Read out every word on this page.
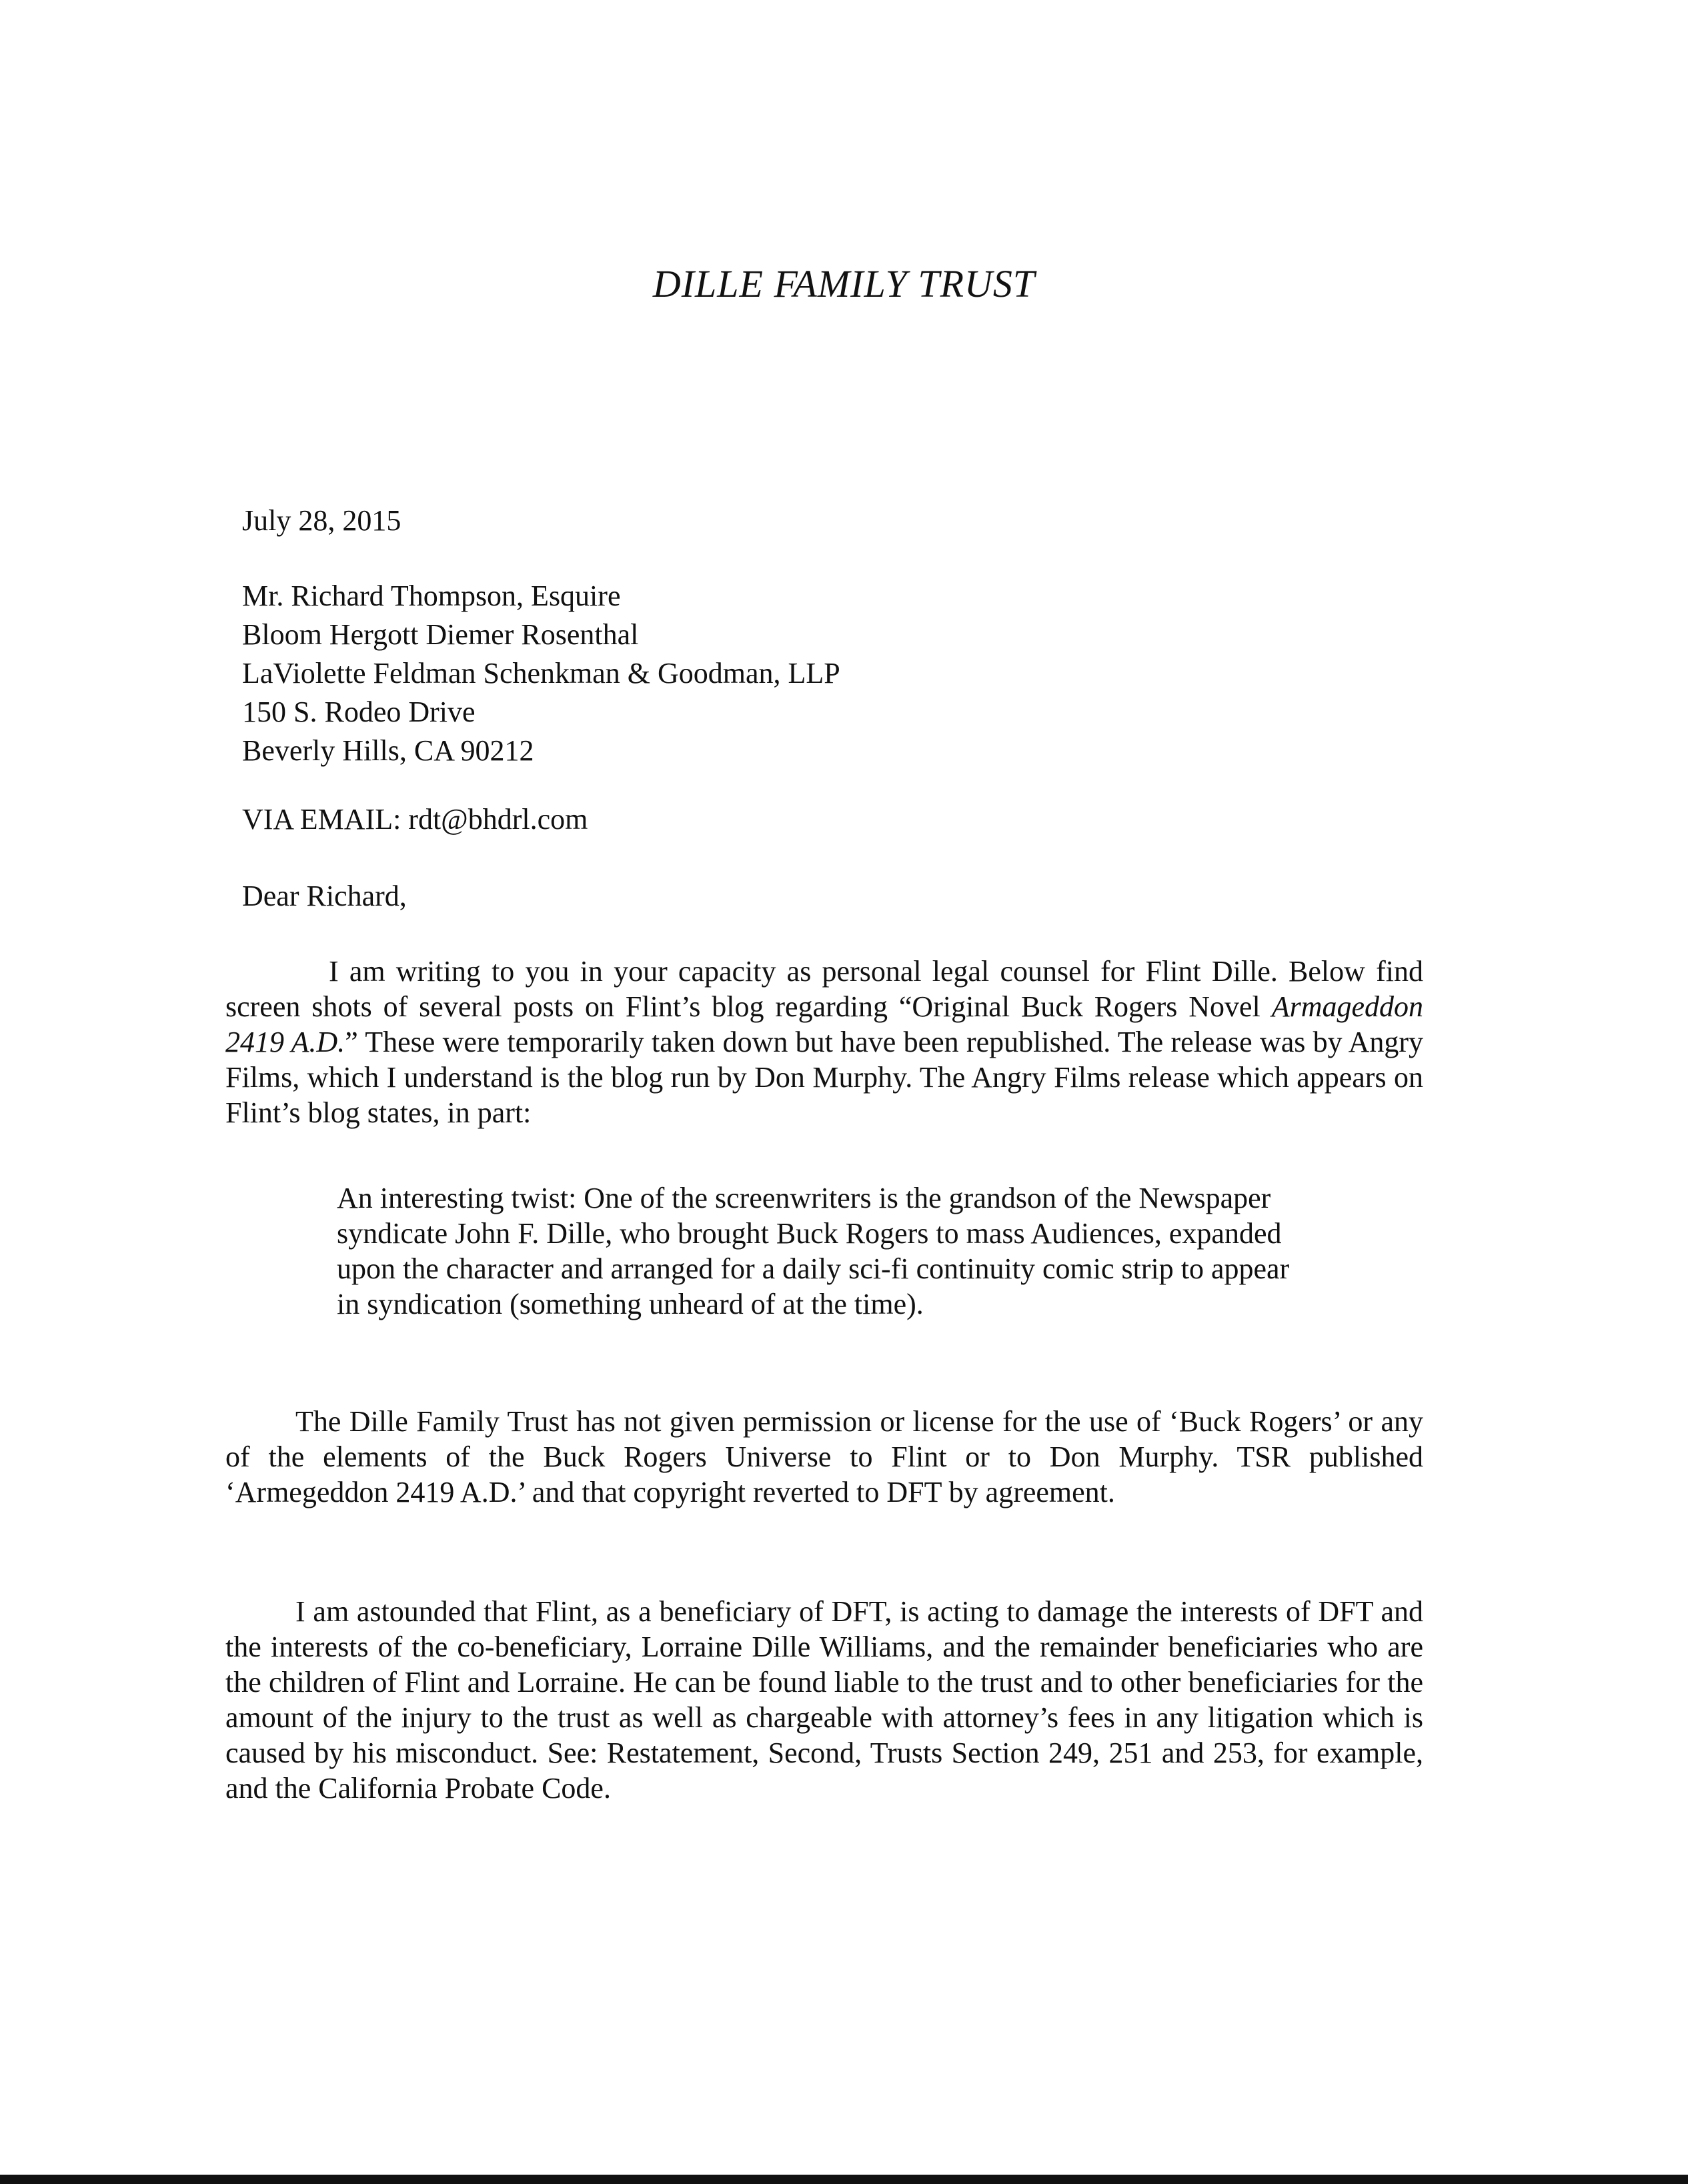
DILLE FAMILY TRUST
July 28, 2015
Mr. Richard Thompson, Esquire
Bloom Hergott Diemer Rosenthal
LaViolette Feldman Schenkman & Goodman, LLP
150 S. Rodeo Drive
Beverly Hills, CA 90212
VIA EMAIL: rdt@bhdrl.com
Dear Richard,

I am writing to you in your capacity as personal legal counsel for Flint Dille. Below find screen shots of several posts on Flint’s blog regarding “Original Buck Rogers Novel Armageddon 2419 A.D.” These were temporarily taken down but have been republished. The release was by Angry Films, which I understand is the blog run by Don Murphy. The Angry Films release which appears on Flint’s blog states, in part:

An interesting twist: One of the screenwriters is the grandson of the Newspaper syndicate John F. Dille, who brought Buck Rogers to mass Audiences, expanded upon the character and arranged for a daily sci-fi continuity comic strip to appear in syndication (something unheard of at the time).

The Dille Family Trust has not given permission or license for the use of ‘Buck Rogers’ or any of the elements of the Buck Rogers Universe to Flint or to Don Murphy. TSR published ‘Armegeddon 2419 A.D.’ and that copyright reverted to DFT by agreement.

I am astounded that Flint, as a beneficiary of DFT, is acting to damage the interests of DFT and the interests of the co-beneficiary, Lorraine Dille Williams, and the remainder beneficiaries who are the children of Flint and Lorraine. He can be found liable to the trust and to other beneficiaries for the amount of the injury to the trust as well as chargeable with attorney’s fees in any litigation which is caused by his misconduct. See: Restatement, Second, Trusts Section 249, 251 and 253, for example, and the California Probate Code.
